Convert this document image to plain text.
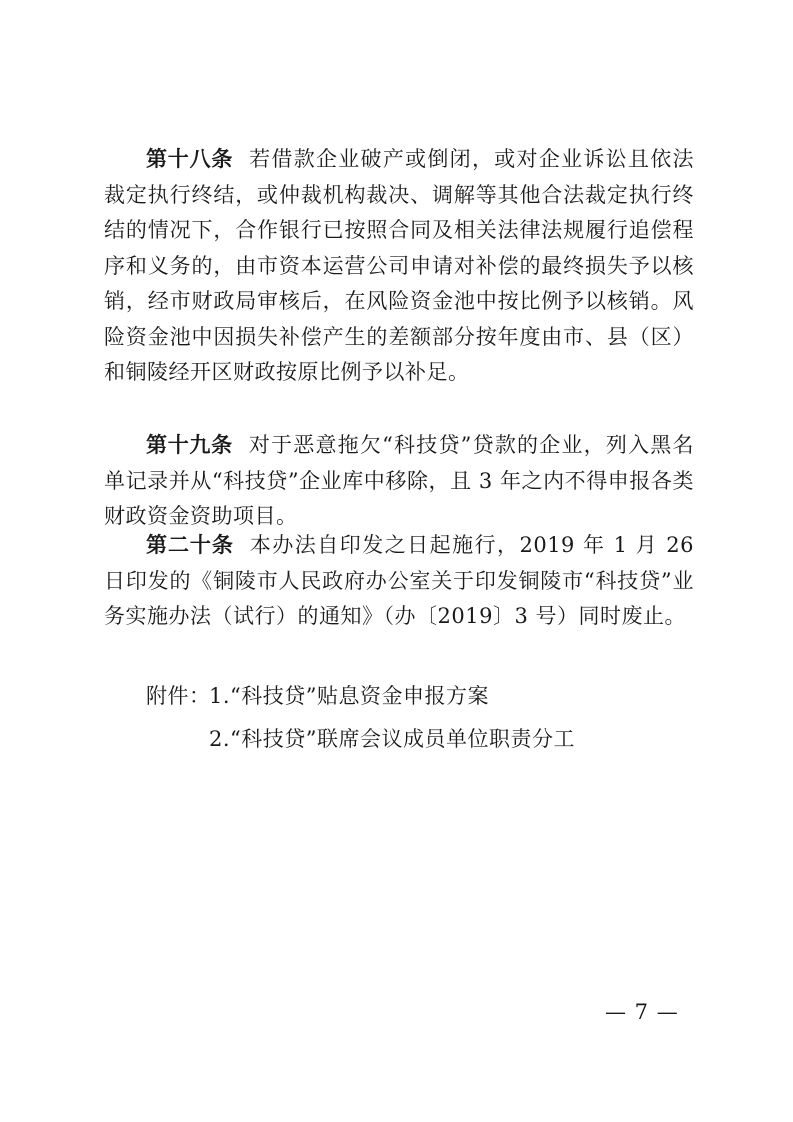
第十八条 若借款企业破产或倒闭，或对企业诉讼且依法裁定执行终结，或仲裁机构裁决、调解等其他合法裁定执行终结的情况下，合作银行已按照合同及相关法律法规履行追偿程序和义务的，由市资本运营公司申请对补偿的最终损失予以核销，经市财政局审核后，在风险资金池中按比例予以核销。风险资金池中因损失补偿产生的差额部分按年度由市、县（区）和铜陵经开区财政按原比例予以补足。

第十九条 对于恶意拖欠“科技贷”贷款的企业，列入黑名单记录并从“科技贷”企业库中移除，且 3 年之内不得申报各类财政资金资助项目。

第二十条 本办法自印发之日起施行，2019 年 1 月 26 日印发的《铜陵市人民政府办公室关于印发铜陵市“科技贷”业务实施办法（试行）的通知》（办〔2019〕3 号）同时废止。

附件：
1.“科技贷”贴息资金申报方案
2.“科技贷”联席会议成员单位职责分工
— 7 —
